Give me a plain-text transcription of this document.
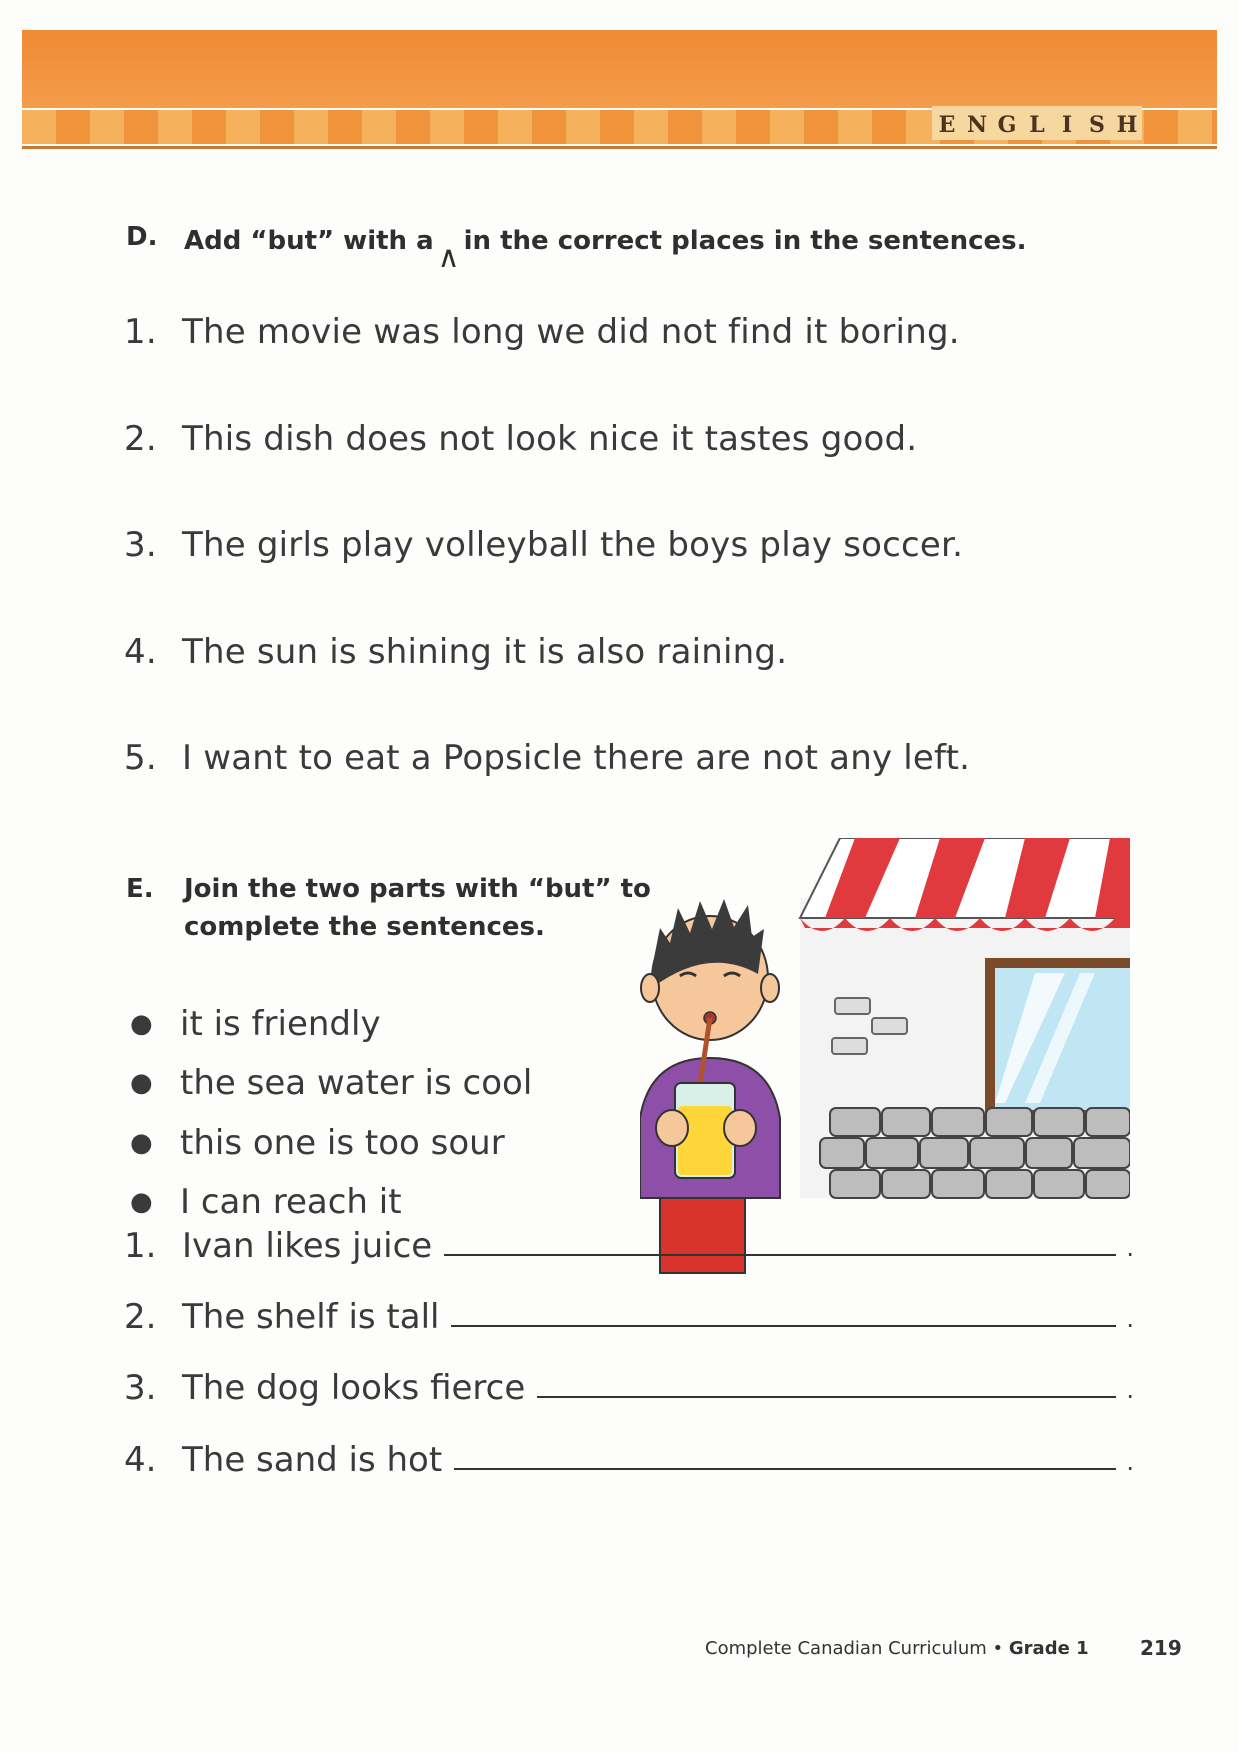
E N G L I S H
D. Add “but” with a ∧ in the correct places in the sentences.
1. The movie was long we did not find it boring.
2. This dish does not look nice it tastes good.
3. The girls play volleyball the boys play soccer.
4. The sun is shining it is also raining.
5. I want to eat a Popsicle there are not any left.
E. Join the two parts with “but” to
complete the sentences.
● it is friendly
● the sea water is cool
● this one is too sour
● I can reach it
1. Ivan likes juice	.
2. The shelf is tall	.
3. The dog looks fierce	.
4. The sand is hot	.
Complete Canadian Curriculum • Grade 1	219
